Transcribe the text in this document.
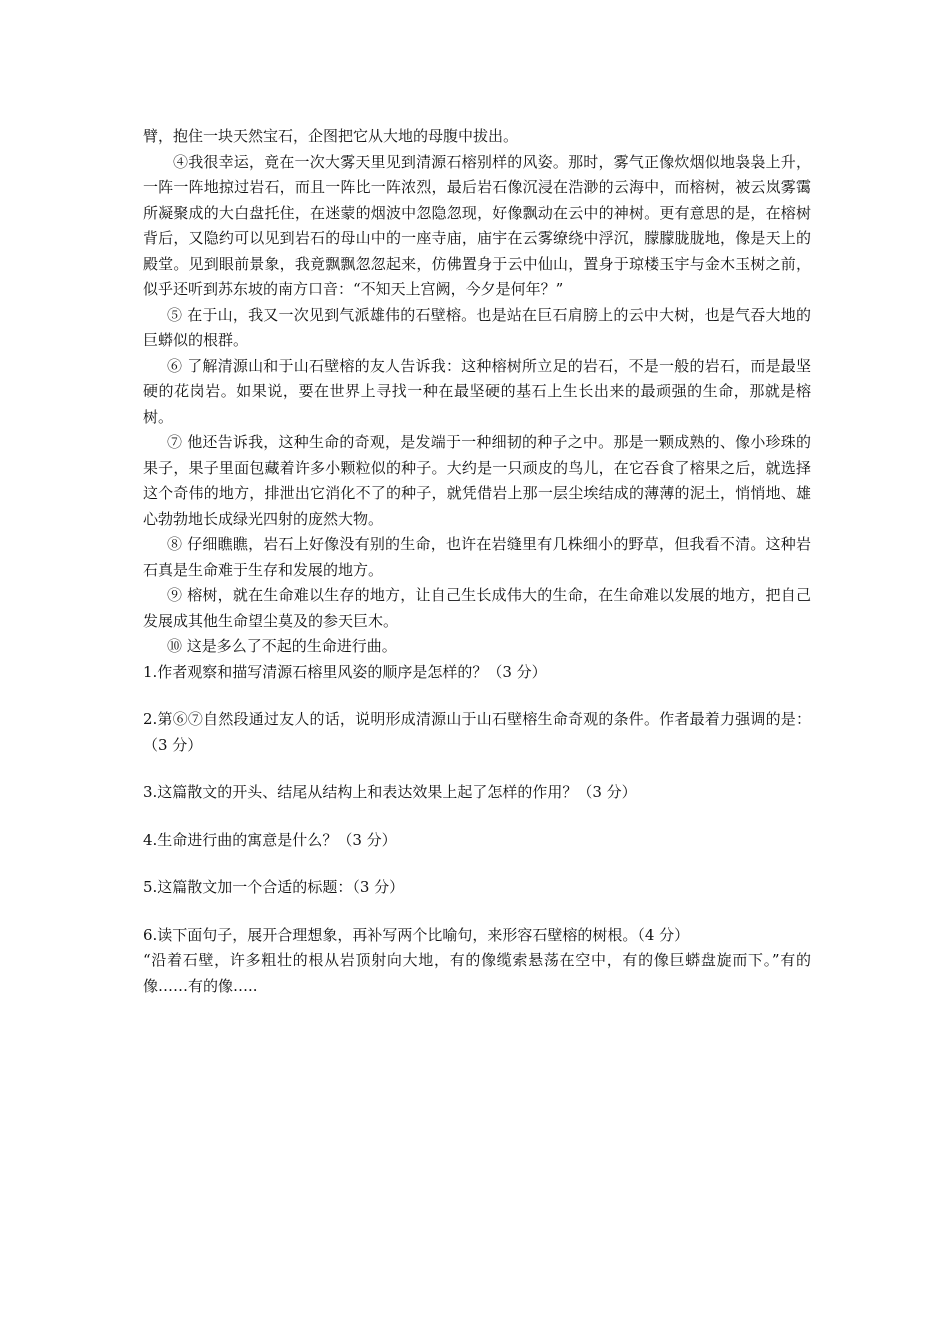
臂，抱住一块天然宝石，企图把它从大地的母腹中拔出。

④我很幸运，竟在一次大雾天里见到清源石榕别样的风姿。那时，雾气正像炊烟似地袅袅上升，一阵一阵地掠过岩石，而且一阵比一阵浓烈，最后岩石像沉浸在浩渺的云海中，而榕树，被云岚雾霭所凝聚成的大白盘托住，在迷蒙的烟波中忽隐忽现，好像飘动在云中的神树。更有意思的是，在榕树背后，又隐约可以见到岩石的母山中的一座寺庙，庙宇在云雾缭绕中浮沉，朦朦胧胧地，像是天上的殿堂。见到眼前景象，我竟飘飘忽忽起来，仿佛置身于云中仙山，置身于琼楼玉宇与金木玉树之前，似乎还听到苏东坡的南方口音：“不知天上宫阙，今夕是何年？”

⑤ 在于山，我又一次见到气派雄伟的石壁榕。也是站在巨石肩膀上的云中大树，也是气吞大地的巨蟒似的根群。

⑥ 了解清源山和于山石壁榕的友人告诉我：这种榕树所立足的岩石，不是一般的岩石，而是最坚硬的花岗岩。如果说，要在世界上寻找一种在最坚硬的基石上生长出来的最顽强的生命，那就是榕树。

⑦ 他还告诉我，这种生命的奇观，是发端于一种细韧的种子之中。那是一颗成熟的、像小珍珠的果子，果子里面包藏着许多小颗粒似的种子。大约是一只顽皮的鸟儿，在它吞食了榕果之后，就选择这个奇伟的地方，排泄出它消化不了的种子，就凭借岩上那一层尘埃结成的薄薄的泥土，悄悄地、雄心勃勃地长成绿光四射的庞然大物。

⑧ 仔细瞧瞧，岩石上好像没有别的生命，也许在岩缝里有几株细小的野草，但我看不清。这种岩石真是生命难于生存和发展的地方。

⑨ 榕树，就在生命难以生存的地方，让自己生长成伟大的生命，在生命难以发展的地方，把自己发展成其他生命望尘莫及的参天巨木。

⑩ 这是多么了不起的生命进行曲。

1.作者观察和描写清源石榕里风姿的顺序是怎样的？（3 分）

2.第⑥⑦自然段通过友人的话，说明形成清源山于山石壁榕生命奇观的条件。作者最着力强调的是：（3 分）

3.这篇散文的开头、结尾从结构上和表达效果上起了怎样的作用？（3 分）

4.生命进行曲的寓意是什么？（3 分）

5.这篇散文加一个合适的标题：（3 分）

6.读下面句子，展开合理想象，再补写两个比喻句，来形容石壁榕的树根。（4 分）

“沿着石壁，许多粗壮的根从岩顶射向大地，有的像缆索悬荡在空中，有的像巨蟒盘旋而下。”有的像……有的像…..
